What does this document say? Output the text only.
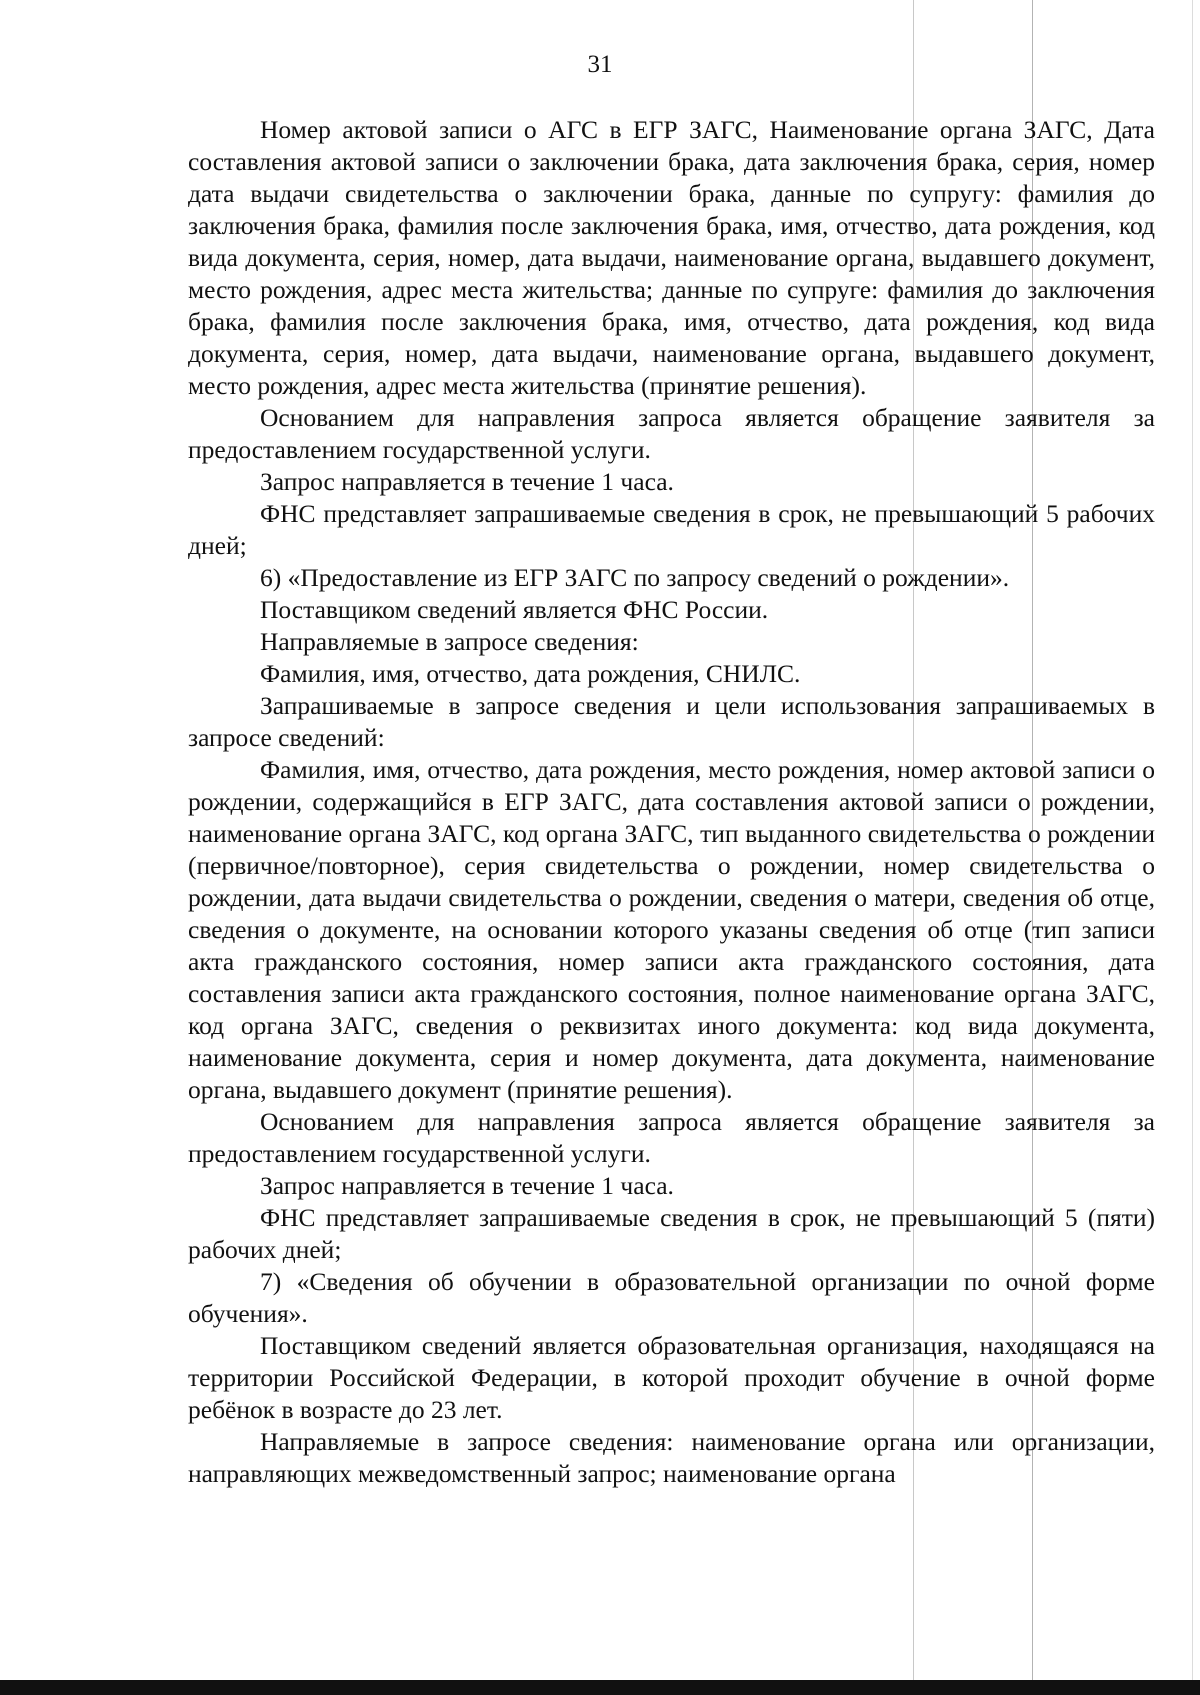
31

Номер актовой записи о АГС в ЕГР ЗАГС, Наименование органа ЗАГС, Дата составления актовой записи о заключении брака, дата заключения брака, серия, номер дата выдачи свидетельства о заключении брака, данные по супругу: фамилия до заключения брака, фамилия после заключения брака, имя, отчество, дата рождения, код вида документа, серия, номер, дата выдачи, наименование органа, выдавшего документ, место рождения, адрес места жительства; данные по супруге: фамилия до заключения брака, фамилия после заключения брака, имя, отчество, дата рождения, код вида документа, серия, номер, дата выдачи, наименование органа, выдавшего документ, место рождения, адрес места жительства (принятие решения).

Основанием для направления запроса является обращение заявителя за предоставлением государственной услуги.

Запрос направляется в течение 1 часа.

ФНС представляет запрашиваемые сведения в срок, не превышающий 5 рабочих дней;

6) «Предоставление из ЕГР ЗАГС по запросу сведений о рождении».

Поставщиком сведений является ФНС России.

Направляемые в запросе сведения:

Фамилия, имя, отчество, дата рождения, СНИЛС.

Запрашиваемые в запросе сведения и цели использования запрашиваемых в запросе сведений:

Фамилия, имя, отчество, дата рождения, место рождения, номер актовой записи о рождении, содержащийся в ЕГР ЗАГС, дата составления актовой записи о рождении, наименование органа ЗАГС, код органа ЗАГС, тип выданного свидетельства о рождении (первичное/повторное), серия свидетельства о рождении, номер свидетельства о рождении, дата выдачи свидетельства о рождении, сведения о матери, сведения об отце, сведения о документе, на основании которого указаны сведения об отце (тип записи акта гражданского состояния, номер записи акта гражданского состояния, дата составления записи акта гражданского состояния, полное наименование органа ЗАГС, код органа ЗАГС, сведения о реквизитах иного документа: код вида документа, наименование документа, серия и номер документа, дата документа, наименование органа, выдавшего документ (принятие решения).

Основанием для направления запроса является обращение заявителя за предоставлением государственной услуги.

Запрос направляется в течение 1 часа.

ФНС представляет запрашиваемые сведения в срок, не превышающий 5 (пяти) рабочих дней;

7) «Сведения об обучении в образовательной организации по очной форме обучения».

Поставщиком сведений является образовательная организация, находящаяся на территории Российской Федерации, в которой проходит обучение в очной форме ребёнок в возрасте до 23 лет.

Направляемые в запросе сведения: наименование органа или организации, направляющих межведомственный запрос; наименование органа
